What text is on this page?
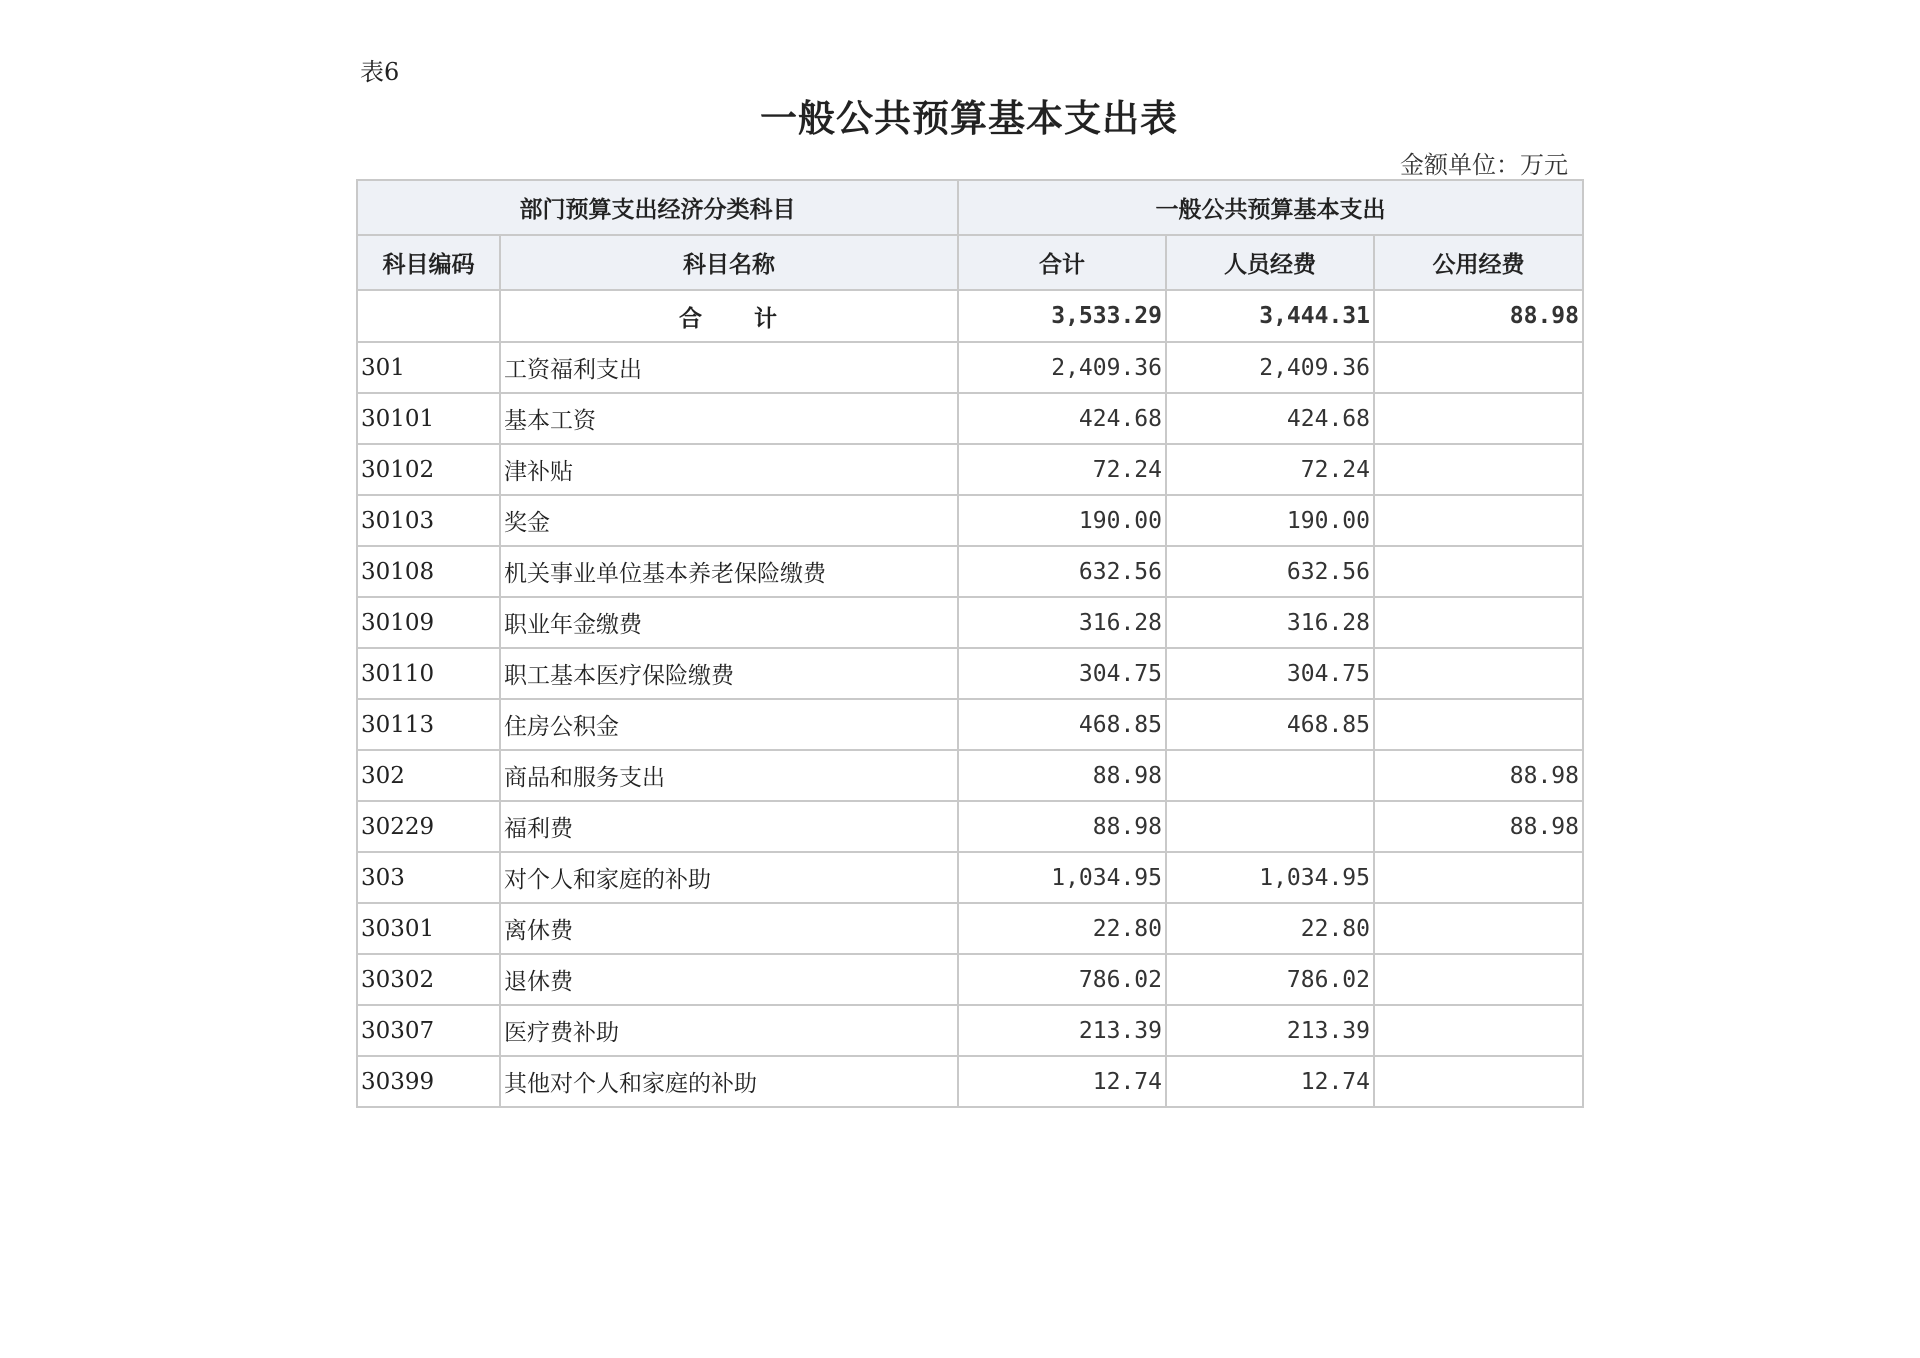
表6
一般公共预算基本支出表
金额单位：万元
部门预算支出经济分类科目		一般公共预算基本支出		
科目编码	科目名称	合计	人员经费	公用经费
	合　　计	3,533.29	3,444.31	88.98
301	工资福利支出	2,409.36	2,409.36	
30101	基本工资	424.68	424.68	
30102	津补贴	72.24	72.24	
30103	奖金	190.00	190.00	
30108	机关事业单位基本养老保险缴费	632.56	632.56	
30109	职业年金缴费	316.28	316.28	
30110	职工基本医疗保险缴费	304.75	304.75	
30113	住房公积金	468.85	468.85	
302	商品和服务支出	88.98		88.98
30229	福利费	88.98		88.98
303	对个人和家庭的补助	1,034.95	1,034.95	
30301	离休费	22.80	22.80	
30302	退休费	786.02	786.02	
30307	医疗费补助	213.39	213.39	
30399	其他对个人和家庭的补助	12.74	12.74	
